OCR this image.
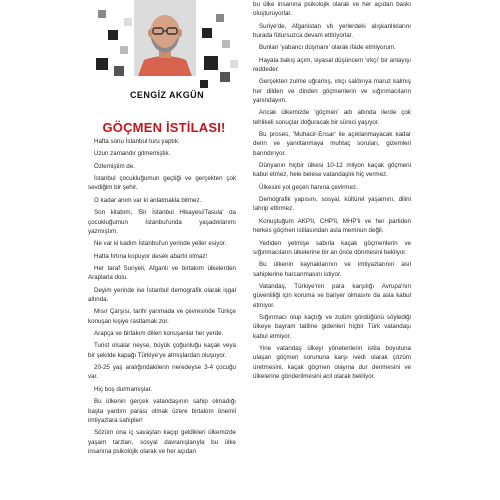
CENGİZ AKGÜN
GÖÇMEN İSTİLASI!

Hafta sonu İstanbul turu yaptık.

Uzun zamandır gitmemiştik.

Özlemiştim de.

İstanbul çocukluğumun geçtiği ve gerçekten çok sevdiğim bir şehir.

O kadar anım var ki anlatmakla bitmez.

Son kitabım, 'Bir İstanbul Hikayesi/Tasula' da çocukluğumun İstanbul'unda yaşadıklarımı yazmıştım.

Ne var ki kadim İstanbul'un yerinde yeller esiyor.

Hatta fırtına kopuyor desek abartıl olmaz!

Her taraf Suriyeli, Afganlı ve birtakım ülkelerden Araplarla dolu.

Deyim yerinde ise İstanbul demografik olarak işgal altında.

Mısır Çarşısı, tarihi yarımada ve çevresinde Türkçe konuşan kişiye rastlamak zor.

Arapça ve birtakım dilleri konuşanlar her yerde.

Turist olsalar neyse, büyük çoğunluğu kaçak veya bir şekilde kapağı Türkiye'ye atmışlardan oluşuyor.

20-25 yaş aralığındakilerin neredeyse 3-4 çocuğu var.

Hiç boş durmamışlar.

Bu ülkenin gerçek vatandaşının sahip olmadığı başta yardım parası olmak üzere birtakım önemli imtiyazlara sahipler!

Sözüm ona iç savaştan kaçıp geldikleri ülkemizde yaşam tarzları, sosyal davranışlarıyla bu ülke insanına psikolojik olarak ve her açıdan

bu ülke insanına psikolojik olarak ve her açıdan baskı oluşturuyorlar.

Suriye'de, Afganistan vb yerlerdeki alışkanlıklarını burada fütursuzca devam ettiriyorlar.

Bunları 'yabancı düşmanı' olarak ifade etmiyorum.

Hayata bakış açım, siyasal düşüncem 'ırkçı' bir anlayışı reddeder.

Gerçekten zulme uğramış, ırkçı saldırıya maruz kalmış her dilden ve dinden göçmenlerin ve sığınmacıların yanındayım.

Ancak ülkemizde 'göçmen' adı altında ilerde çok tehlikeli sonuçlar doğuracak bir süreci yaşıyor.

Bu proses, 'Muhacir-Ensar' ile açıklanmayacak kadar derin ve yanıltanmaya muhtaç soruları, gizemleri barındırıyor.

Dünyanın hiçbir ülkesi 10-12 milyon kaçak göçmeni kabul etmez, hele belese vatandaşlık hiç vermez.

Ülkesini yol geçen hanına çevirmez.

Demografik yapısını, sosyal, kültürel yaşamını, dilini tahrip ettirmez.

Konuştuğum AKP'li, CHP'li, MHP'li ve her partiden herkes göçmen istilasından asla memnun değil.

Yediden yetmişe sabırla kaçak göçmenlerin ve sığınmacıların ülkelerine bir an önce dönmesini bekliyor.

Bu ülkenin kaynaklarının ve imtiyazlarının asıl sahiplerine harcanmasını istiyor.

Vatandaş, Türkiye'nin para karşılığı Avrupa'nın güvenliliği için koruma ve bariyer olmasını da asla kabul etmiyor.

Sığınmacı olup kaçtığı ve zulüm gördüğünü söylediği ülkeye bayram tatiline gidenleri hiçbir Türk vatandaşı kabul etmiyor.

Yine vatandaş ülkeyi yönetenlerin istila boyutuna ulaşan göçmen sorununa karşı ivedi olarak çözüm üretmesini, kaçak göçmen olayına dur denmesini ve ülkelerine gönderilmesini acil olarak bekliyor.
